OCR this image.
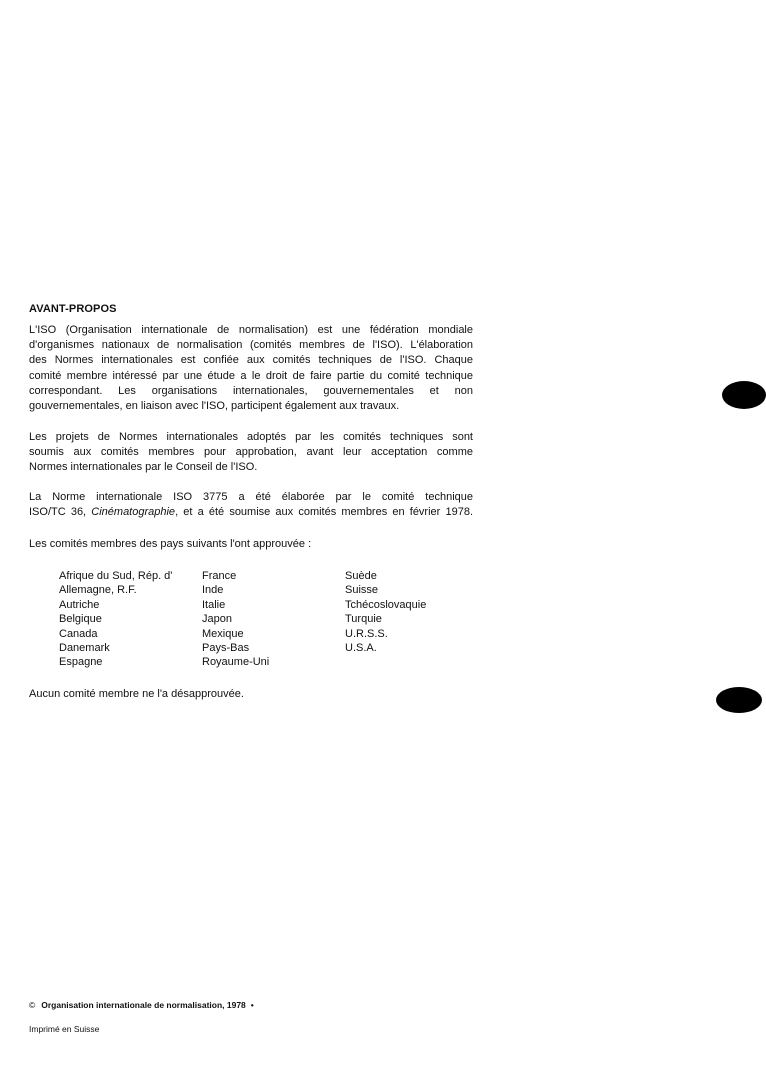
AVANT-PROPOS

L'ISO (Organisation internationale de normalisation) est une fédération mondiale
d'organismes nationaux de normalisation (comités membres de l'ISO). L'élaboration
des Normes internationales est confiée aux comités techniques de l'ISO. Chaque
comité membre intéressé par une étude a le droit de faire partie du comité technique
correspondant. Les organisations internationales, gouvernementales et non
gouvernementales, en liaison avec l'ISO, participent également aux travaux.

Les projets de Normes internationales adoptés par les comités techniques sont
soumis aux comités membres pour approbation, avant leur acceptation comme
Normes internationales par le Conseil de l'ISO.

La Norme internationale ISO 3775 a été élaborée par le comité technique
ISO/TC 36, Cinématographie, et a été soumise aux comités membres en février 1978.

Les comités membres des pays suivants l'ont approuvée :
Afrique du Sud, Rép. d'
Allemagne, R.F.
Autriche
Belgique
Canada
Danemark
Espagne
France
Inde
Italie
Japon
Mexique
Pays-Bas
Royaume-Uni
Suède
Suisse
Tchécoslovaquie
Turquie
U.R.S.S.
U.S.A.
Aucun comité membre ne l'a désapprouvée.
© Organisation internationale de normalisation, 1978 •
Imprimé en Suisse
